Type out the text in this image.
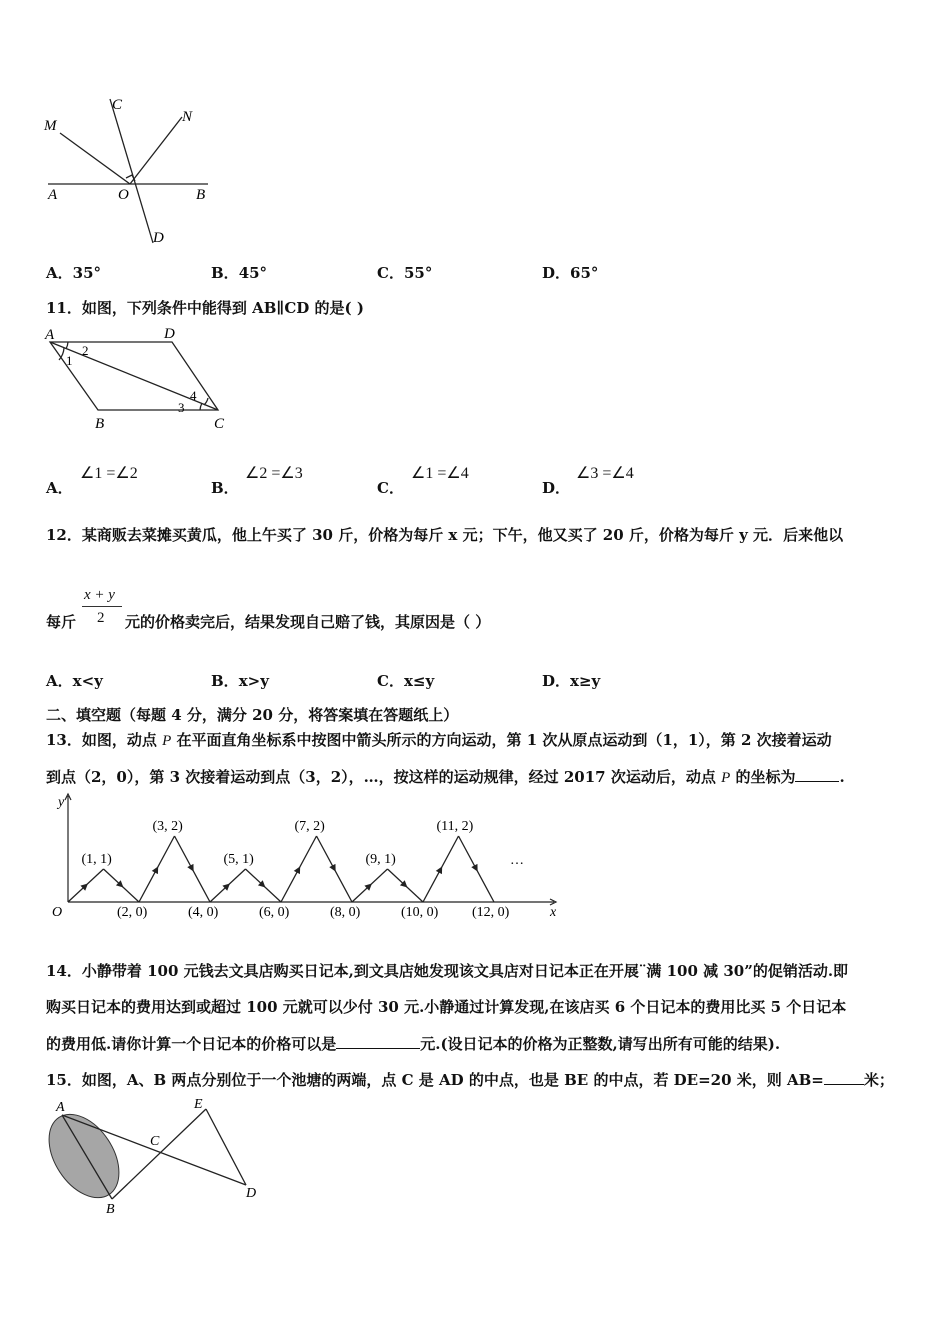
M
C
N
A	O	B
D
A．35°	B．45°	C．55°	D．65°
11．如图，下列条件中能得到 AB∥CD 的是( )
A	D
B	C
1
2
3
4
A．
∠1 =∠2
B．
∠2 =∠3
C．
∠1 =∠4
D．
∠3 =∠4
12．某商贩去菜摊买黄瓜，他上午买了 30 斤，价格为每斤 x 元；下午，他又买了 20 斤，价格为每斤 y 元．后来他以
x + y
2
每斤	元的价格卖完后，结果发现自己赔了钱，其原因是（ ）
A．x<y	B．x>y	C．x≤y	D．x≥y
二、填空题（每题 4 分，满分 20 分，将答案填在答题纸上）
13．如图，动点 P 在平面直角坐标系中按图中箭头所示的方向运动，第 1 次从原点运动到（1，1），第 2 次接着运动
到点（2，0），第 3 次接着运动到点（3，2），…，按这样的运动规律，经过 2017 次运动后，动点 P 的坐标为	.
y
x
O
…
(1, 1)
(2, 0)
(3, 2)
(4, 0)
(5, 1)
(6, 0)
(7, 2)
(8, 0)
(9, 1)
(10, 0)
(11, 2)
(12, 0)
14．小静带着 100 元钱去文具店购买日记本,到文具店她发现该文具店对日记本正在开展¨满 100 减 30”的促销活动.即
购买日记本的费用达到或超过 100 元就可以少付 30 元.小静通过计算发现,在该店买 6 个日记本的费用比买 5 个日记本
的费用低.请你计算一个日记本的价格可以是	元.(设日记本的价格为正整数,请写出所有可能的结果).
15．如图，A、B 两点分别位于一个池塘的两端，点 C 是 AD 的中点，也是 BE 的中点，若 DE=20 米，则 AB=	米；
A	E
C
B
D
